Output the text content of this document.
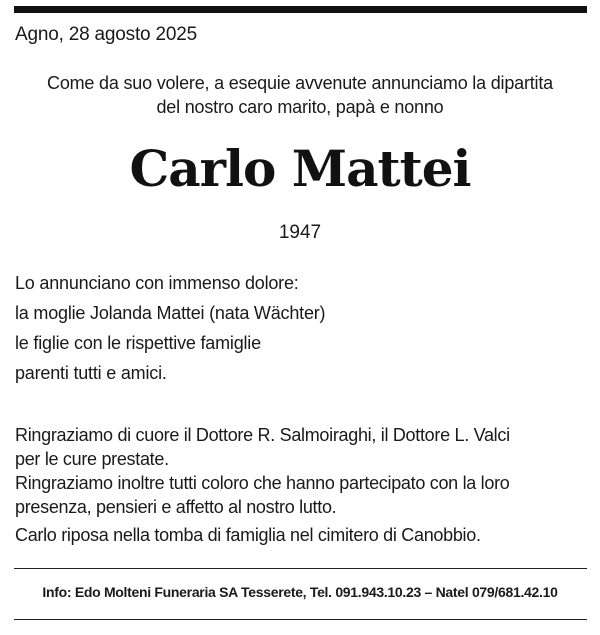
Agno, 28 agosto 2025
Come da suo volere, a esequie avvenute annunciamo la dipartita
del nostro caro marito, papà e nonno
Carlo Mattei
1947
Lo annunciano con immenso dolore:
la moglie Jolanda Mattei (nata Wächter)
le figlie con le rispettive famiglie
parenti tutti e amici.
Ringraziamo di cuore il Dottore R. Salmoiraghi, il Dottore L. Valci
per le cure prestate.
Ringraziamo inoltre tutti coloro che hanno partecipato con la loro
presenza, pensieri e affetto al nostro lutto.
Carlo riposa nella tomba di famiglia nel cimitero di Canobbio.
Info: Edo Molteni Funeraria SA Tesserete, Tel. 091.943.10.23 – Natel 079/681.42.10
